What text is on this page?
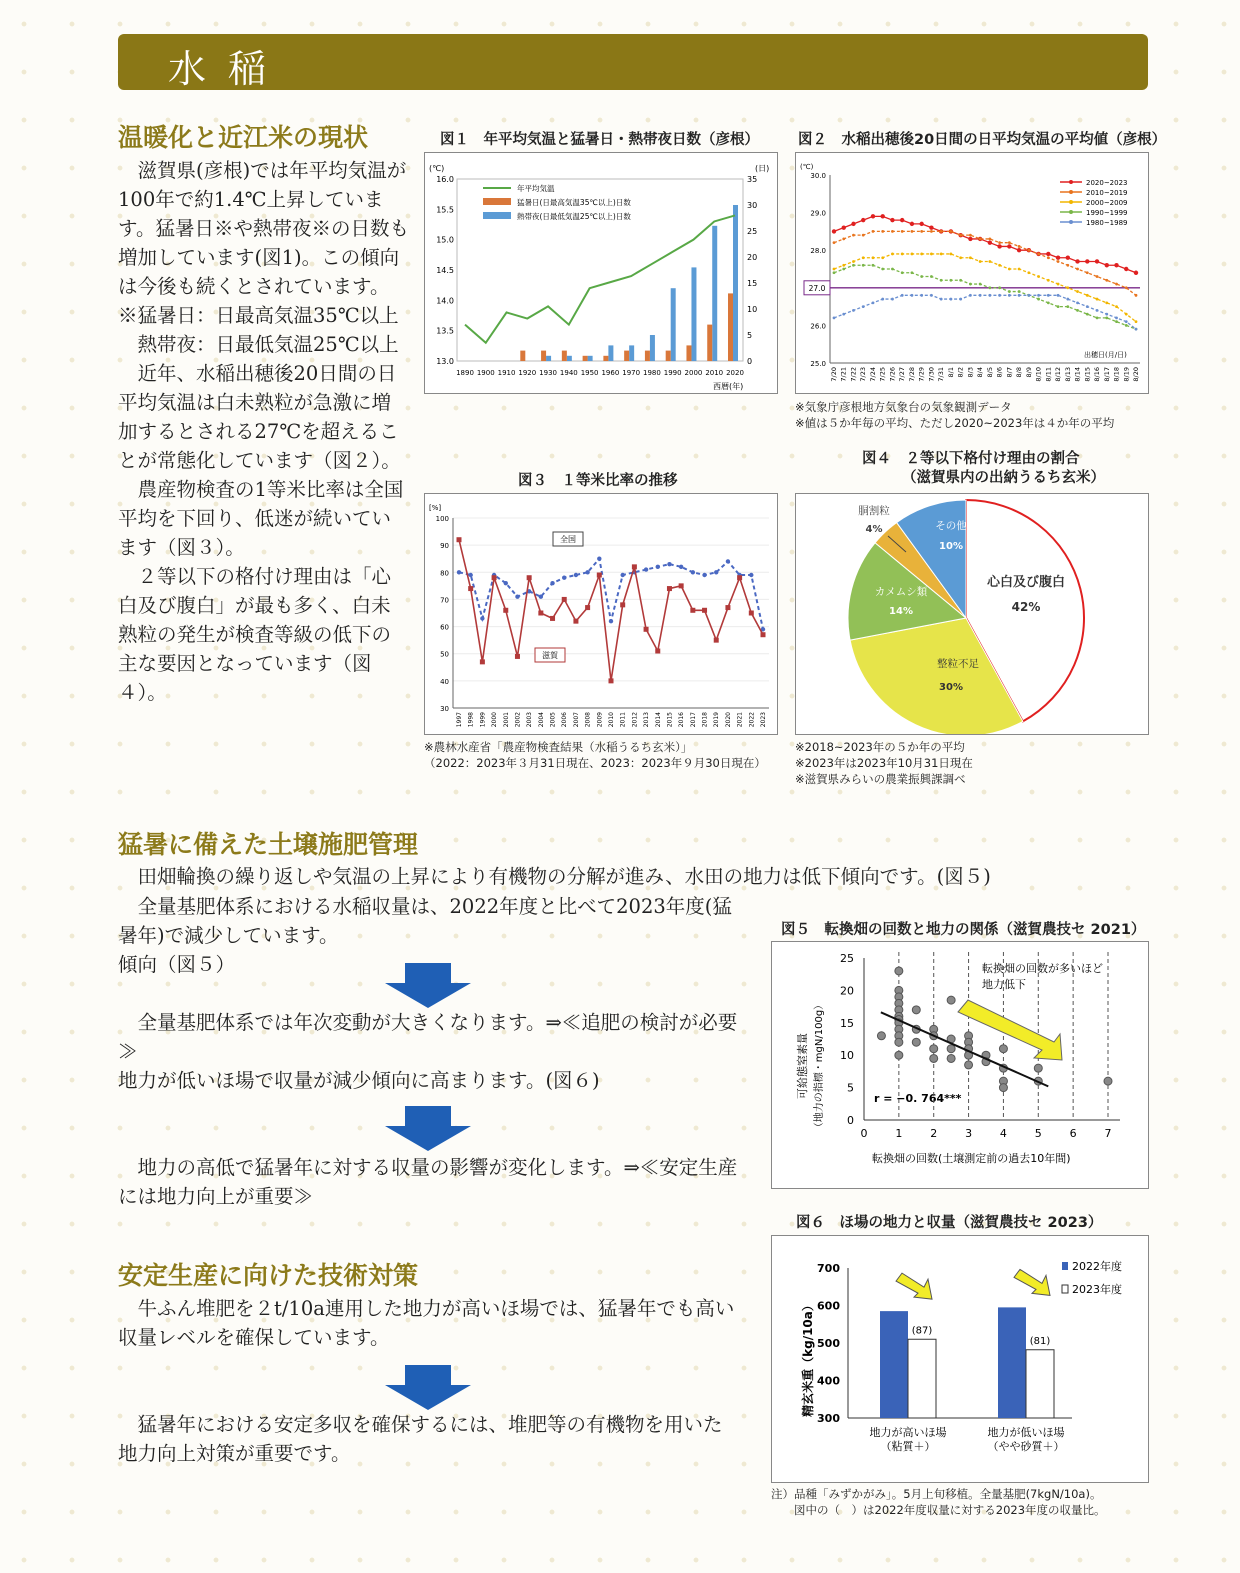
水稲
温暖化と近江米の現状

　滋賀県(彦根)では年平均気温が100年で約1.4℃上昇しています。猛暑日※や熱帯夜※の日数も増加しています(図1)。この傾向は今後も続くとされています。

※猛暑日：日最高気温35℃以上

　熱帯夜：日最低気温25℃以上

　近年、水稲出穂後20日間の日平均気温は白未熟粒が急激に増加するとされる27℃を超えることが常態化しています（図２）。

　農産物検査の1等米比率は全国平均を下回り、低迷が続いています（図３）。

　２等以下の格付け理由は「心白及び腹白」が最も多く、白未熟粒の発生が検査等級の低下の主な要因となっています（図４）。

図１　年平均気温と猛暑日・熱帯夜日数（彦根）
(℃)	(日)
西暦(年)
16.0
15.5
15.0
14.5
14.0
13.5
13.0
35
30
25
20
15
10
5
0
1890 1900 1910 1920 1930 1940 1950 1960 1970 1980 1990 2000 2010 2020
年平均気温
猛暑日(日最高気温35℃以上)日数
熱帯夜(日最低気温25℃以上)日数
図２　水稲出穂後20日間の日平均気温の平均値（彦根）
(℃)
出穂日(月/日)
30.0
29.0
28.0
26.0
25.0
27.0
7/20 7/21 7/22 7/23 7/24 7/25 7/26 7/27 7/28 7/29 7/30 7/31 8/1 8/2 8/3 8/4 8/5 8/6 8/7 8/8 8/9 8/10 8/11 8/12 8/13 8/14 8/15 8/16 8/17 8/18 8/19 8/20
2020~2023
2010~2019
2000~2009
1990~1999
1980~1989
※気象庁彦根地方気象台の気象観測データ
※値は５か年毎の平均、ただし2020~2023年は４か年の平均
図３　１等米比率の推移
[%]
100
90
80
70
60
50
40
30
1997 1998 1999 2000 2001 2002 2003 2004 2005 2006 2007 2008 2009 2010 2011 2012 2013 2014 2015 2016 2017 2018 2019 2020 2021 2022 2023
全国
滋賀
※農林水産省「農産物検査結果（水稲うるち玄米）」
（2022：2023年３月31日現在、2023：2023年９月30日現在）
図４　２等以下格付け理由の割合
（滋賀県内の出納うるち玄米）
心白及び腹白
42%
整粒不足
30%
カメムシ類
14%
胴割粒
4%	その他
10%
※2018~2023年の５か年の平均
※2023年は2023年10月31日現在
※滋賀県みらいの農業振興課調べ
猛暑に備えた土壌施肥管理
　田畑輪換の繰り返しや気温の上昇により有機物の分解が進み、水田の地力は低下傾向です。(図５)
　全量基肥体系における水稲収量は、2022年度と比べて2023年度(猛暑年)で減少しています。
傾向（図５）
　全量基肥体系では年次変動が大きくなります。⇒≪追肥の検討が必要≫
地力が低いほ場で収量が減少傾向に高まります。(図６)
　地力の高低で猛暑年に対する収量の影響が変化します。⇒≪安定生産には地力向上が重要≫
安定生産に向けた技術対策
　牛ふん堆肥を２t/10a連用した地力が高いほ場では、猛暑年でも高い収量レベルを確保しています。
　猛暑年における安定多収を確保するには、堆肥等の有機物を用いた地力向上対策が重要です。
図５　転換畑の回数と地力の関係（滋賀農技セ 2021）
可給態窒素量 （地力の指標・mgN/100g）
転換畑の回数(土壌測定前の過去10年間)
転換畑の回数が多いほど
地力低下
r = −0. 764***
25
20
15
10
5
0
0	1	2	3	4	5	6	7
図６　ほ場の地力と収量（滋賀農技セ 2023）
精玄米重（kg/10a）
700
600
500
400
300
(87)
地力が高いほ場
（粘質＋）
(81)
地力が低いほ場
（やや砂質＋）
2022年度
2023年度
注）品種「みずかがみ」。5月上旬移植。全量基肥(7kgN/10a)。
　　図中の（　）は2022年度収量に対する2023年度の収量比。
